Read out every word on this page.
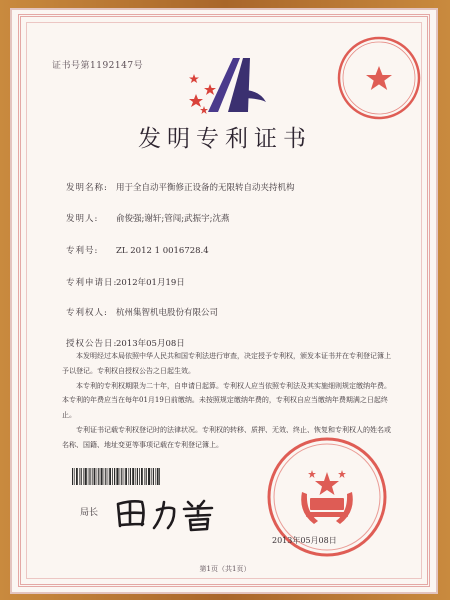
证书号第1192147号
发明专利证书
发明名称: 用于全自动平衡修正设备的无限转自动夹持机构
发明人: 俞俊强;谢轩;管闯;武振宇;沈燕
专利号: ZL 2012 1 0016728.4
专利申请日:2012年01月19日
专利权人: 杭州集智机电股份有限公司
授权公告日:2013年05月08日

本发明经过本局依照中华人民共和国专利法进行审查，决定授予专利权，颁发本证书并在专利登记簿上予以登记。专利权自授权公告之日起生效。

本专利的专利权期限为二十年，自申请日起算。专利权人应当依照专利法及其实施细则规定缴纳年费。本专利的年费应当在每年01月19日前缴纳。未按照规定缴纳年费的，专利权自应当缴纳年费期满之日起终止。

专利证书记载专利权登记时的法律状况。专利权的转移、质押、无效、终止、恢复和专利权人的姓名或名称、国籍、地址变更等事项记载在专利登记簿上。

局长
2013年05月08日
第1页（共1页）
